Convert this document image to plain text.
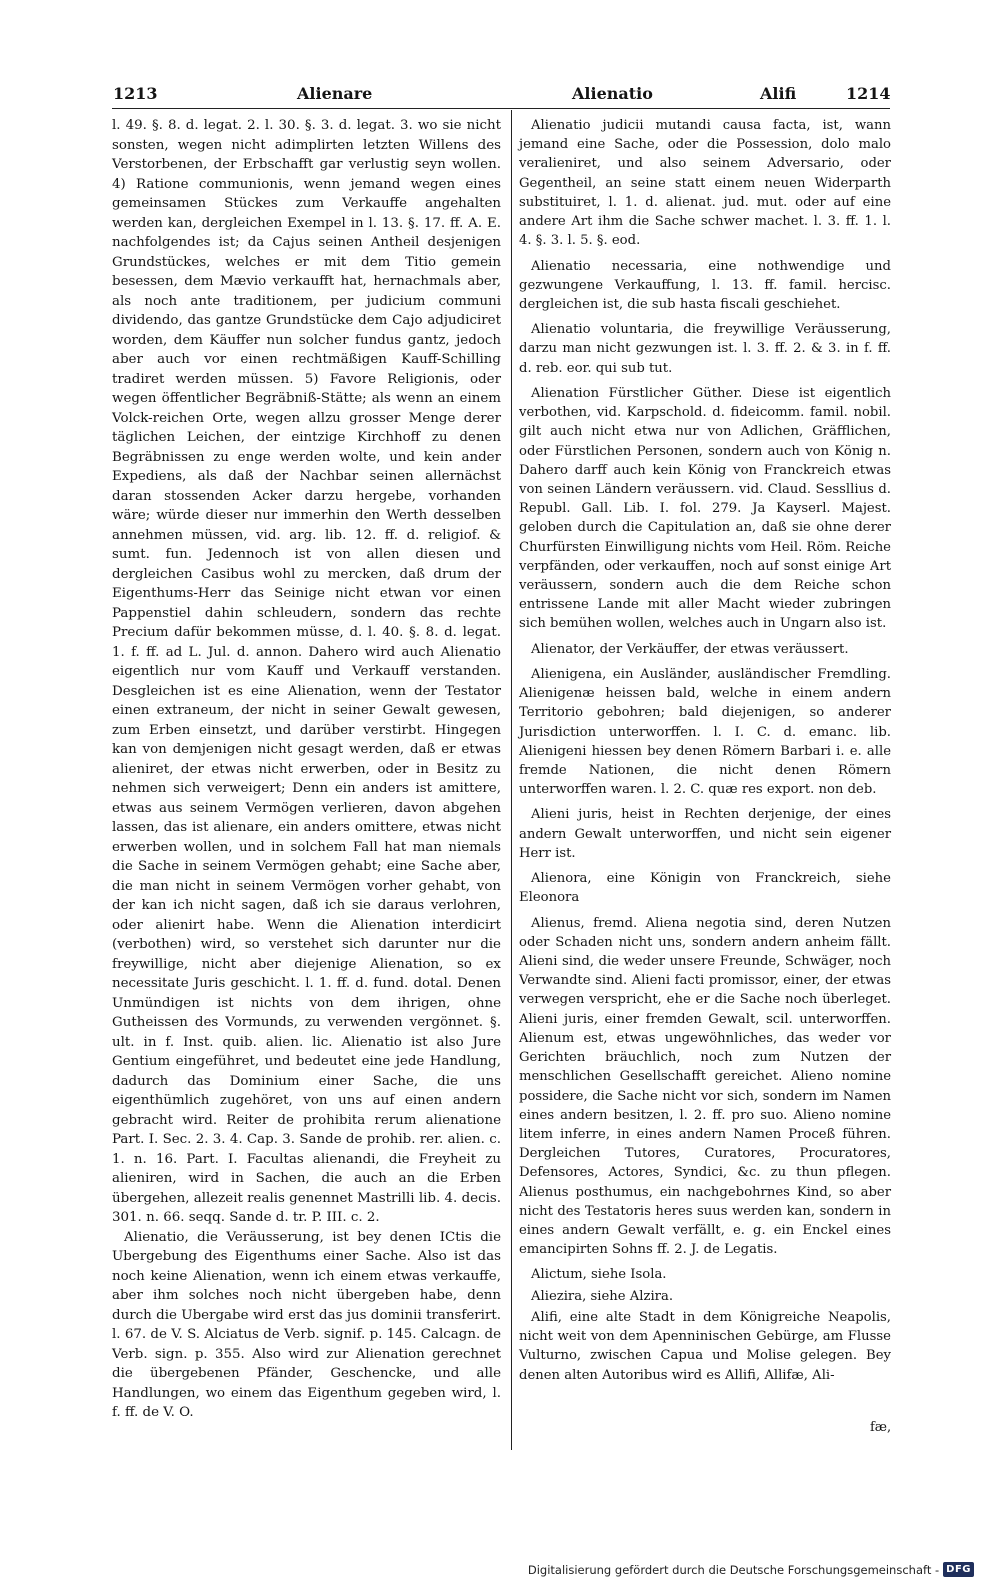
1213	Alienare	Alienatio	Alifi	1214

l. 49. §. 8. d. legat. 2. l. 30. §. 3. d. legat. 3. wo sie nicht sonsten, wegen nicht adimplirten letzten Willens des Verstorbenen, der Erbschafft gar verlustig seyn wollen. 4) Ratione communionis, wenn jemand wegen eines gemeinsamen Stückes zum Verkauffe angehalten werden kan, dergleichen Exempel in l. 13. §. 17. ff. A. E. nachfolgendes ist; da Cajus seinen Antheil desjenigen Grundstückes, welches er mit dem Titio gemein besessen, dem Mævio verkaufft hat, hernachmals aber, als noch ante traditionem, per judicium communi dividendo, das gantze Grundstücke dem Cajo adjudiciret worden, dem Käuffer nun solcher fundus gantz, jedoch aber auch vor einen rechtmäßigen Kauff-Schilling tradiret werden müssen. 5) Favore Religionis, oder wegen öffentlicher Begräbniß-Stätte; als wenn an einem Volck-reichen Orte, wegen allzu grosser Menge derer täglichen Leichen, der eintzige Kirchhoff zu denen Begräbnissen zu enge werden wolte, und kein ander Expediens, als daß der Nachbar seinen allernächst daran stossenden Acker darzu hergebe, vorhanden wäre; würde dieser nur immerhin den Werth desselben annehmen müssen, vid. arg. lib. 12. ff. d. religiof. & sumt. fun. Jedennoch ist von allen diesen und dergleichen Casibus wohl zu mercken, daß drum der Eigenthums-Herr das Seinige nicht etwan vor einen Pappenstiel dahin schleudern, sondern das rechte Precium dafür bekommen müsse, d. l. 40. §. 8. d. legat. 1. f. ff. ad L. Jul. d. annon. Dahero wird auch Alienatio eigentlich nur vom Kauff und Verkauff verstanden. Desgleichen ist es eine Alienation, wenn der Testator einen extraneum, der nicht in seiner Gewalt gewesen, zum Erben einsetzt, und darüber verstirbt. Hingegen kan von demjenigen nicht gesagt werden, daß er etwas alieniret, der etwas nicht erwerben, oder in Besitz zu nehmen sich verweigert; Denn ein anders ist amittere, etwas aus seinem Vermögen verlieren, davon abgehen lassen, das ist alienare, ein anders omittere, etwas nicht erwerben wollen, und in solchem Fall hat man niemals die Sache in seinem Vermögen gehabt; eine Sache aber, die man nicht in seinem Vermögen vorher gehabt, von der kan ich nicht sagen, daß ich sie daraus verlohren, oder alienirt habe. Wenn die Alienation interdicirt (verbothen) wird, so verstehet sich darunter nur die freywillige, nicht aber diejenige Alienation, so ex necessitate Juris geschicht. l. 1. ff. d. fund. dotal. Denen Unmündigen ist nichts von dem ihrigen, ohne Gutheissen des Vormunds, zu verwenden vergönnet. §. ult. in f. Inst. quib. alien. lic. Alienatio ist also Jure Gentium eingeführet, und bedeutet eine jede Handlung, dadurch das Dominium einer Sache, die uns eigenthümlich zugehöret, von uns auf einen andern gebracht wird. Reiter de prohibita rerum alienatione Part. I. Sec. 2. 3. 4. Cap. 3. Sande de prohib. rer. alien. c. 1. n. 16. Part. I. Facultas alienandi, die Freyheit zu alieniren, wird in Sachen, die auch an die Erben übergehen, allezeit realis genennet Mastrilli lib. 4. decis. 301. n. 66. seqq. Sande d. tr. P. III. c. 2.

Alienatio, die Veräusserung, ist bey denen ICtis die Ubergebung des Eigenthums einer Sache. Also ist das noch keine Alienation, wenn ich einem etwas verkauffe, aber ihm solches noch nicht übergeben habe, denn durch die Ubergabe wird erst das jus dominii transferirt. l. 67. de V. S. Alciatus de Verb. signif. p. 145. Calcagn. de Verb. sign. p. 355. Also wird zur Alienation gerechnet die übergebenen Pfänder, Geschencke, und alle Handlungen, wo einem das Eigenthum gegeben wird, l. f. ff. de V. O.

Alienatio judicii mutandi causa facta, ist, wann jemand eine Sache, oder die Possession, dolo malo veralieniret, und also seinem Adversario, oder Gegentheil, an seine statt einem neuen Widerparth substituiret, l. 1. d. alienat. jud. mut. oder auf eine andere Art ihm die Sache schwer machet. l. 3. ff. 1. l. 4. §. 3. l. 5. §. eod.

Alienatio necessaria, eine nothwendige und gezwungene Verkauffung, l. 13. ff. famil. hercisc. dergleichen ist, die sub hasta fiscali geschiehet.

Alienatio voluntaria, die freywillige Veräusserung, darzu man nicht gezwungen ist. l. 3. ff. 2. & 3. in f. ff. d. reb. eor. qui sub tut.

Alienation Fürstlicher Güther. Diese ist eigentlich verbothen, vid. Karpschold. d. fideicomm. famil. nobil. gilt auch nicht etwa nur von Adlichen, Gräfflichen, oder Fürstlichen Personen, sondern auch von König n. Dahero darff auch kein König von Franckreich etwas von seinen Ländern veräussern. vid. Claud. Sessllius d. Republ. Gall. Lib. I. fol. 279. Ja Kayserl. Majest. geloben durch die Capitulation an, daß sie ohne derer Churfürsten Einwilligung nichts vom Heil. Röm. Reiche verpfänden, oder verkauffen, noch auf sonst einige Art veräussern, sondern auch die dem Reiche schon entrissene Lande mit aller Macht wieder zubringen sich bemühen wollen, welches auch in Ungarn also ist.

Alienator, der Verkäuffer, der etwas veräussert.

Alienigena, ein Ausländer, ausländischer Fremdling. Alienigenæ heissen bald, welche in einem andern Territorio gebohren; bald diejenigen, so anderer Jurisdiction unterworffen. l. I. C. d. emanc. lib. Alienigeni hiessen bey denen Römern Barbari i. e. alle fremde Nationen, die nicht denen Römern unterworffen waren. l. 2. C. quæ res export. non deb.

Alieni juris, heist in Rechten derjenige, der eines andern Gewalt unterworffen, und nicht sein eigener Herr ist.

Alienora, eine Königin von Franckreich, siehe Eleonora

Alienus, fremd. Aliena negotia sind, deren Nutzen oder Schaden nicht uns, sondern andern anheim fällt. Alieni sind, die weder unsere Freunde, Schwäger, noch Verwandte sind. Alieni facti promissor, einer, der etwas verwegen verspricht, ehe er die Sache noch überleget. Alieni juris, einer fremden Gewalt, scil. unterworffen. Alienum est, etwas ungewöhnliches, das weder vor Gerichten bräuchlich, noch zum Nutzen der menschlichen Gesellschafft gereichet. Alieno nomine possidere, die Sache nicht vor sich, sondern im Namen eines andern besitzen, l. 2. ff. pro suo. Alieno nomine litem inferre, in eines andern Namen Proceß führen. Dergleichen Tutores, Curatores, Procuratores, Defensores, Actores, Syndici, &c. zu thun pflegen. Alienus posthumus, ein nachgebohrnes Kind, so aber nicht des Testatoris heres suus werden kan, sondern in eines andern Gewalt verfällt, e. g. ein Enckel eines emancipirten Sohns ff. 2. J. de Legatis.

Alictum, siehe Isola.

Aliezira, siehe Alzira.

Alifi, eine alte Stadt in dem Königreiche Neapolis, nicht weit von dem Apenninischen Gebürge, am Flusse Vulturno, zwischen Capua und Molise gelegen. Bey denen alten Autoribus wird es Allifi, Allifæ, Ali-

fæ,
Digitalisierung gefördert durch die Deutsche Forschungsgemeinschaft - DFG
